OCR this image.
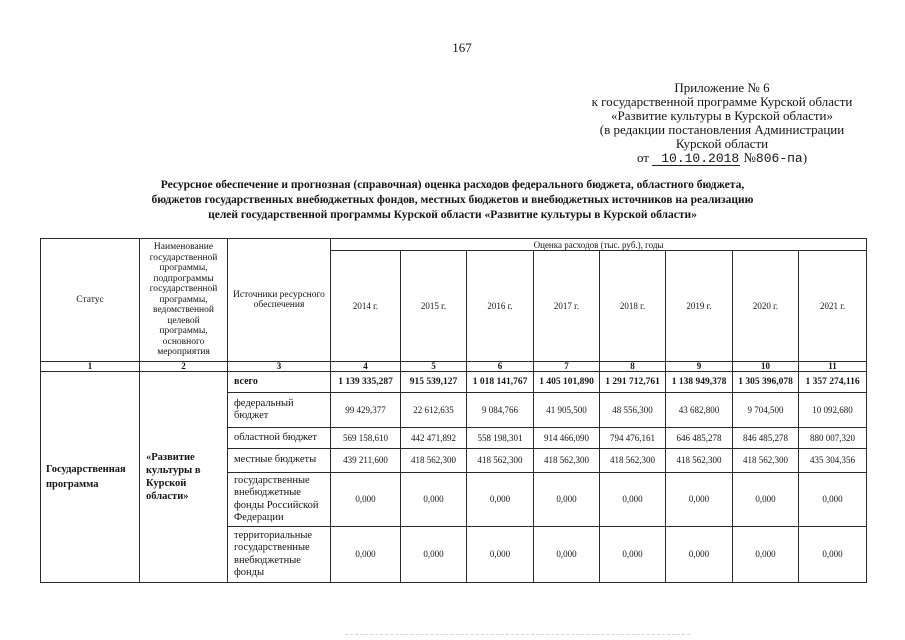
167
Приложение № 6
к государственной программе Курской области
«Развитие культуры в Курской области»
(в редакции постановления Администрации
Курской области
от 10.10.2018 №806-па)
Ресурсное обеспечение и прогнозная (справочная) оценка расходов федерального бюджета, областного бюджета,
бюджетов государственных внебюджетных фондов, местных бюджетов и внебюджетных источников на реализацию
целей государственной программы Курской области «Развитие культуры в Курской области»
Статус	Наименование государственной программы, подпрограммы государственной программы, ведомственной целевой программы, основного мероприятия	Источники ресурсного обеспечения	Оценка расходов (тыс. руб.), годы							
			2014 г.	2015 г.	2016 г.	2017 г.	2018 г.	2019 г.	2020 г.	2021 г.
1	2	3	4	5	6	7	8	9	10	11
Государственная программа	«Развитие культуры в Курской области»	всего	1 139 335,287	915 539,127	1 018 141,767	1 405 101,890	1 291 712,761	1 138 949,378	1 305 396,078	1 357 274,116
		федеральный бюджет	99 429,377	22 612,635	9 084,766	41 905,500	48 556,300	43 682,800	9 704,500	10 092,680
		областной бюджет	569 158,610	442 471,892	558 198,301	914 466,090	794 476,161	646 485,278	846 485,278	880 007,320
		местные бюджеты	439 211,600	418 562,300	418 562,300	418 562,300	418 562,300	418 562,300	418 562,300	435 304,356
		государственные внебюджетные фонды Российской Федерации	0,000	0,000	0,000	0,000	0,000	0,000	0,000	0,000
		территориальные государственные внебюджетные фонды	0,000	0,000	0,000	0,000	0,000	0,000	0,000	0,000
